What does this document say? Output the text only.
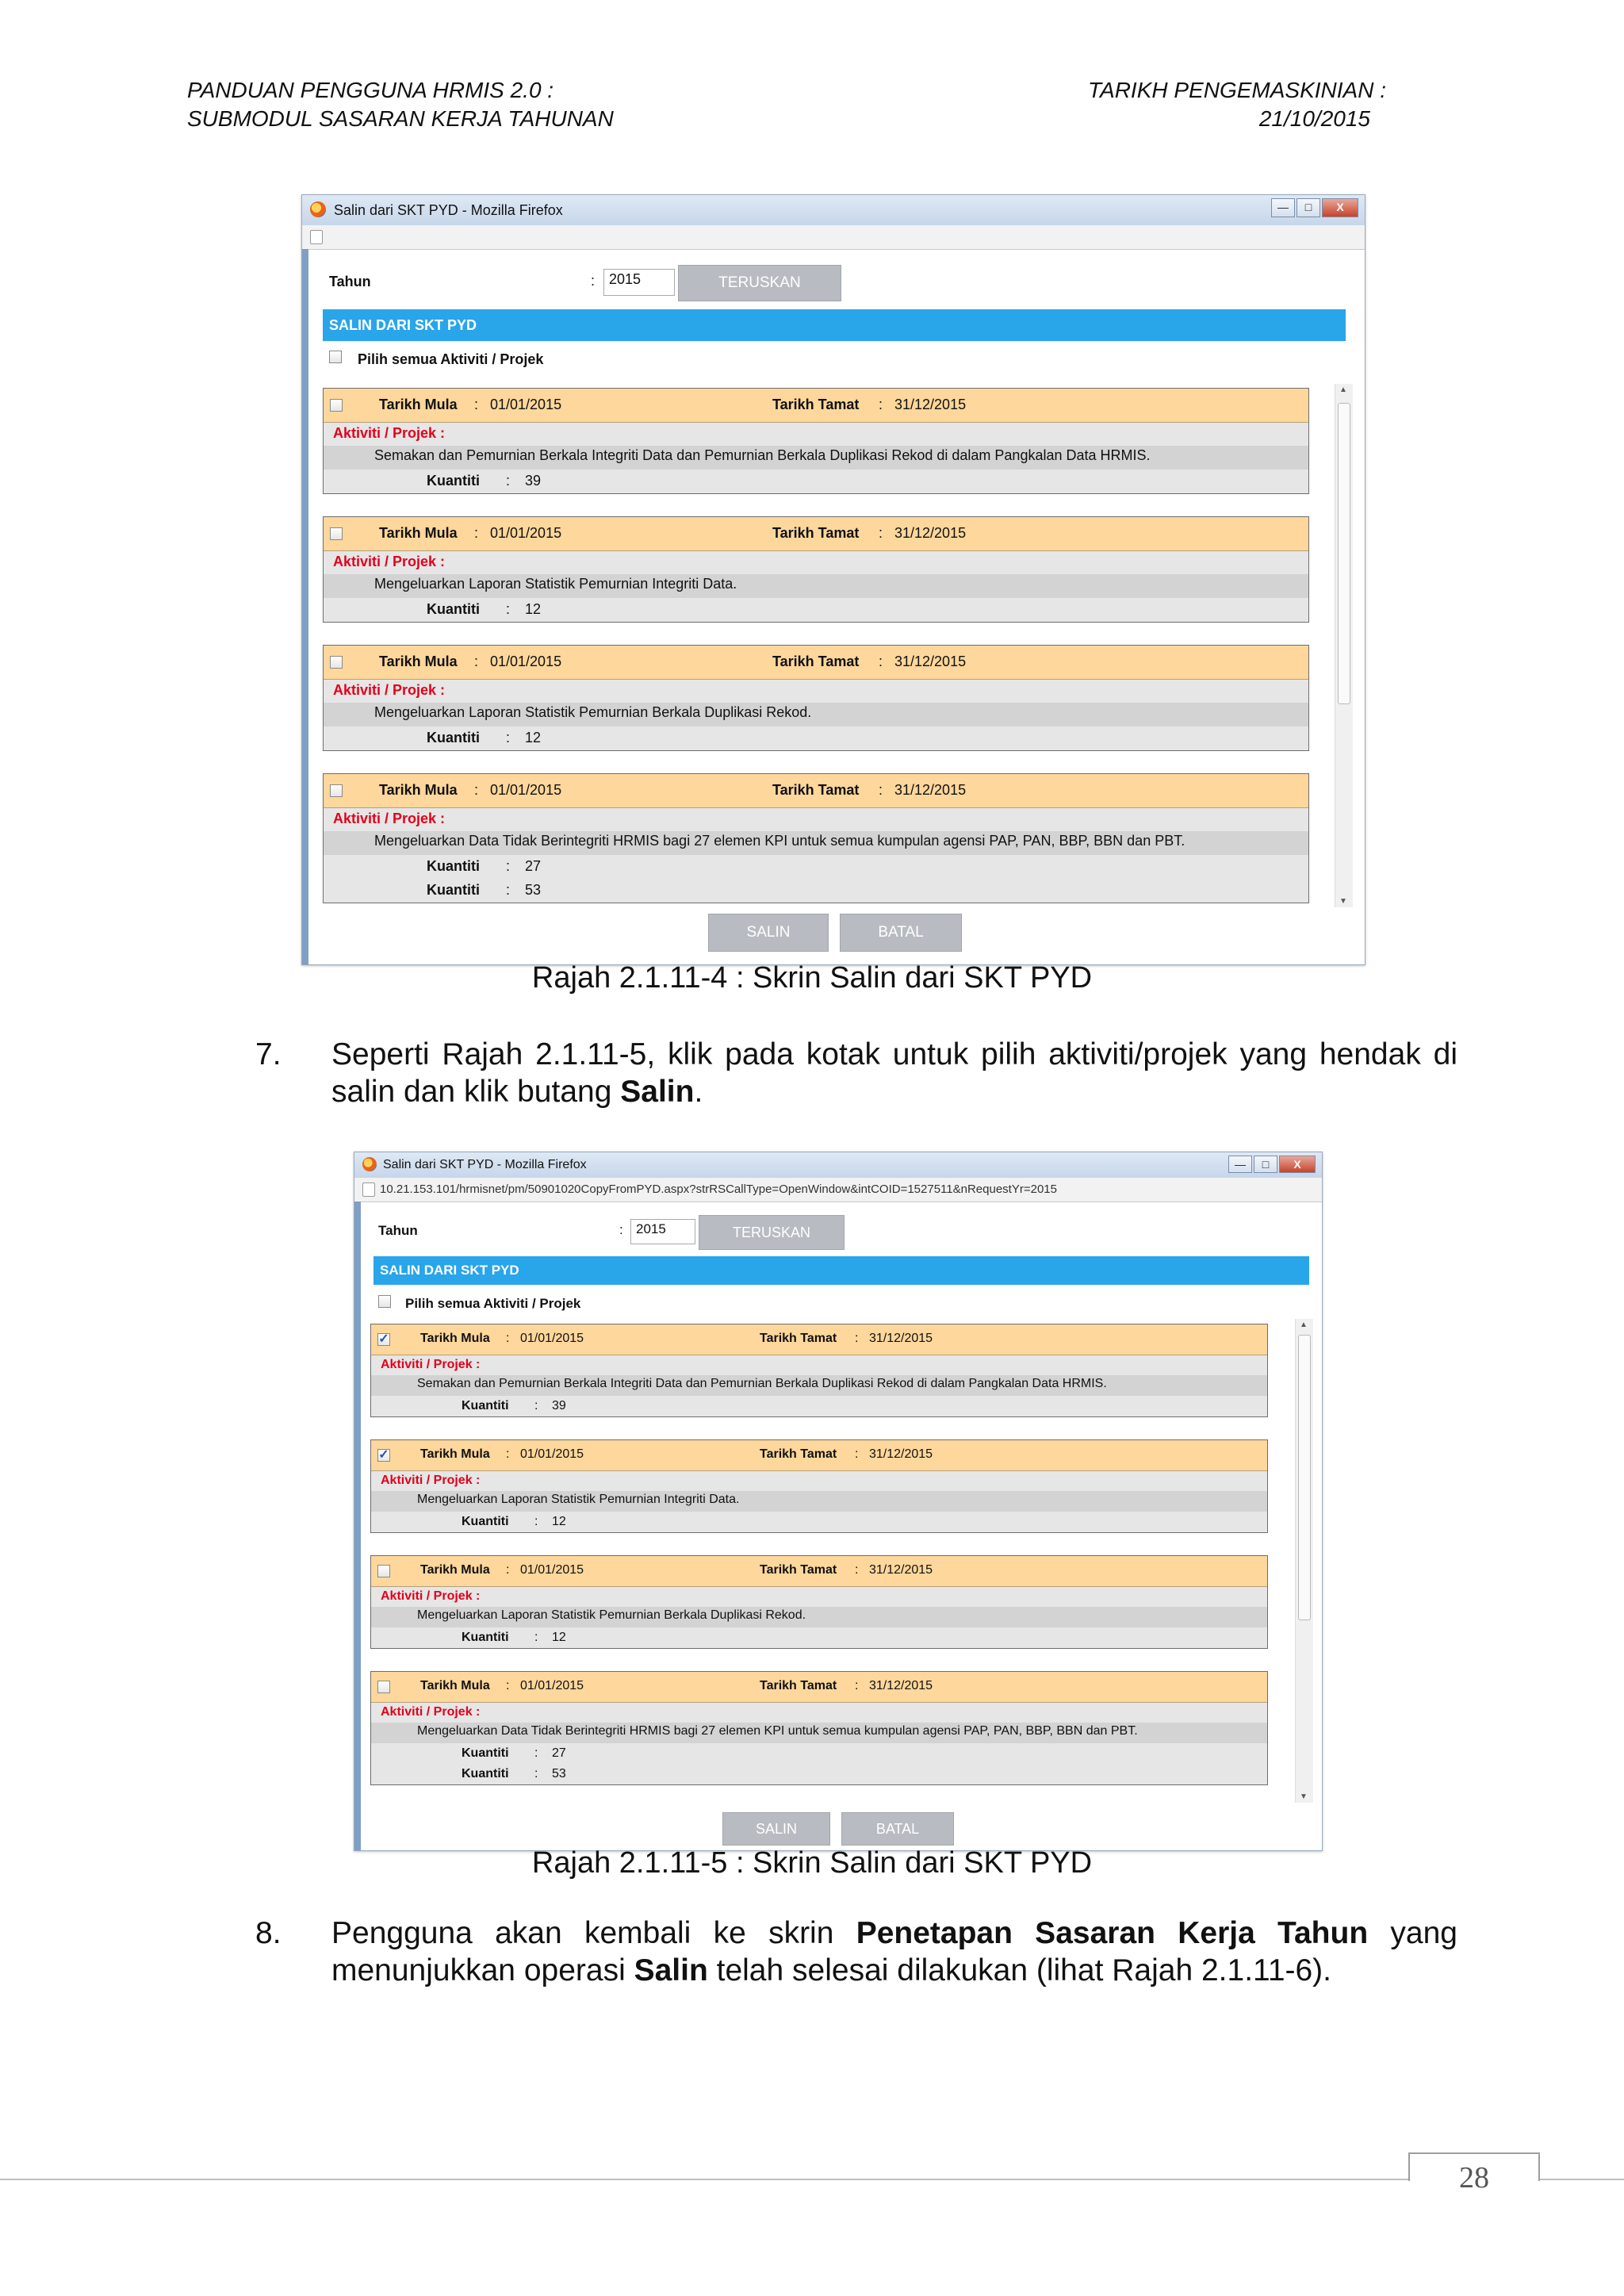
PANDUAN PENGGUNA HRMIS 2.0 :
SUBMODUL SASARAN KERJA TAHUNAN
TARIKH PENGEMASKINIAN :
21/10/2015
Salin dari SKT PYD - Mozilla Firefox	—	□	X
Tahun	: 2015	TERUSKAN
SALIN DARI SKT PYD
Pilih semua Aktiviti / Projek
Tarikh Mula : 01/01/2015	Tarikh Tamat : 31/12/2015
Aktiviti / Projek :
Semakan dan Pemurnian Berkala Integriti Data dan Pemurnian Berkala Duplikasi Rekod di dalam Pangkalan Data HRMIS.
Kuantiti : 39
Tarikh Mula : 01/01/2015	Tarikh Tamat : 31/12/2015
Aktiviti / Projek :
Mengeluarkan Laporan Statistik Pemurnian Integriti Data.
Kuantiti : 12
Tarikh Mula : 01/01/2015	Tarikh Tamat : 31/12/2015
Aktiviti / Projek :
Mengeluarkan Laporan Statistik Pemurnian Berkala Duplikasi Rekod.
Kuantiti : 12
Tarikh Mula : 01/01/2015	Tarikh Tamat : 31/12/2015
Aktiviti / Projek :
Mengeluarkan Data Tidak Berintegriti HRMIS bagi 27 elemen KPI untuk semua kumpulan agensi PAP, PAN, BBP, BBN dan PBT.
Kuantiti : 27
Kuantiti : 53
▲
▼
SALIN	BATAL
Rajah 2.1.11-4 : Skrin Salin dari SKT PYD
7. Seperti Rajah 2.1.11-5, klik pada kotak untuk pilih aktiviti/projek yang hendak di salin dan klik butang Salin.
Salin dari SKT PYD - Mozilla Firefox	—	□	X
10.21.153.101/hrmisnet/pm/50901020CopyFromPYD.aspx?strRSCallType=OpenWindow&intCOID=1527511&nRequestYr=2015
Tahun	: 2015	TERUSKAN
SALIN DARI SKT PYD
Pilih semua Aktiviti / Projek
✓ Tarikh Mula : 01/01/2015	Tarikh Tamat : 31/12/2015
Aktiviti / Projek :
Semakan dan Pemurnian Berkala Integriti Data dan Pemurnian Berkala Duplikasi Rekod di dalam Pangkalan Data HRMIS.
Kuantiti : 39
✓ Tarikh Mula : 01/01/2015	Tarikh Tamat : 31/12/2015
Aktiviti / Projek :
Mengeluarkan Laporan Statistik Pemurnian Integriti Data.
Kuantiti : 12
Tarikh Mula : 01/01/2015	Tarikh Tamat : 31/12/2015
Aktiviti / Projek :
Mengeluarkan Laporan Statistik Pemurnian Berkala Duplikasi Rekod.
Kuantiti : 12
Tarikh Mula : 01/01/2015	Tarikh Tamat : 31/12/2015
Aktiviti / Projek :
Mengeluarkan Data Tidak Berintegriti HRMIS bagi 27 elemen KPI untuk semua kumpulan agensi PAP, PAN, BBP, BBN dan PBT.
Kuantiti : 27
Kuantiti : 53
▲
▼
SALIN	BATAL
Rajah 2.1.11-5 : Skrin Salin dari SKT PYD
8. Pengguna akan kembali ke skrin Penetapan Sasaran Kerja Tahun yang menunjukkan operasi Salin telah selesai dilakukan (lihat Rajah 2.1.11-6).
28
